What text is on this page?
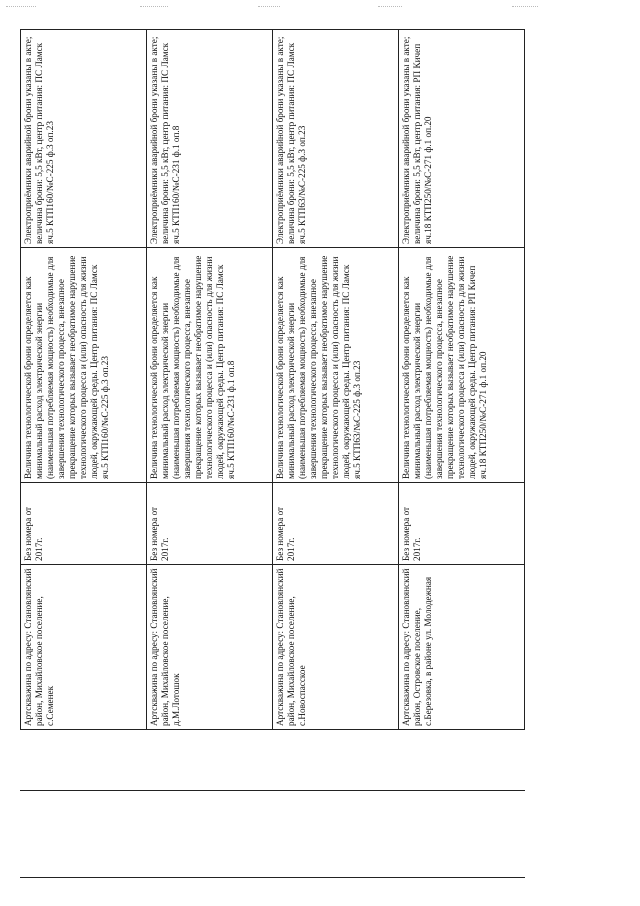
Артскважина по адресу: Становлянский район, Михайловское поселение, с.Семенек	Без номера от 2017г.	Величина технологической брони определяется как минимальный расход электрической энергии (наименьшая потребляемая мощность) необходимые для завершения технологического процесса, внезапное прекращение которых вызывает необратимое нарушение технологического процесса и (или) опасность для жизни людей, окружающей среды. Центр питания: ПС Ламск яч.5 КТП160/№С-225 ф.3 оп.23	Электроприёмники аварийной брони указаны в акте; величина брони: 5,5 кВт, центр питания: ПС Ламск яч.5 КТП160/№С-225 ф.3 оп.23
Артскважина по адресу: Становлянский район, Михайловское поселение, д.М.Лотошок	Без номера от 2017г.	Величина технологической брони определяется как минимальный расход электрической энергии (наименьшая потребляемая мощность) необходимые для завершения технологического процесса, внезапное прекращение которых вызывает необратимое нарушение технологического процесса и (или) опасность для жизни людей, окружающей среды. Центр питания: ПС Ламск яч.5 КТП160/№С-231 ф.1 оп.8	Электроприёмники аварийной брони указаны в акте; величина брони: 5,5 кВт, центр питания: ПС Ламск яч.5 КТП160/№С-231 ф.1 оп.8
Артскважина по адресу: Становлянский район, Михайловское поселение, с.Новоспасское	Без номера от 2017г.	Величина технологической брони определяется как минимальный расход электрической энергии (наименьшая потребляемая мощность) необходимые для завершения технологического процесса, внезапное прекращение которых вызывает необратимое нарушение технологического процесса и (или) опасность для жизни людей, окружающей среды. Центр питания: ПС Ламск яч.5 КТП63/№С-225 ф.3 оп.23	Электроприёмники аварийной брони указаны в акте; величина брони: 5,5 кВт, центр питания: ПС Ламск яч.5 КТП63/№С-225 ф.3 оп.23
Артскважина по адресу: Становлянский район, Островское поселение, с.Березовка, в районе ул. Молодежная	Без номера от 2017г.	Величина технологической брони определяется как минимальный расход электрической энергии (наименьшая потребляемая мощность) необходимые для завершения технологического процесса, внезапное прекращение которых вызывает необратимое нарушение технологического процесса и (или) опасность для жизни людей, окружающей среды. Центр питания: РП Кичеп яч.18 КТП250/№С-271 ф.1 оп.20	Электроприёмники аварийной брони указаны в акте; величина брони: 5,5 кВт, центр питания: РП Кичеп яч.18 КТП250/№С-271 ф.1 оп.20
